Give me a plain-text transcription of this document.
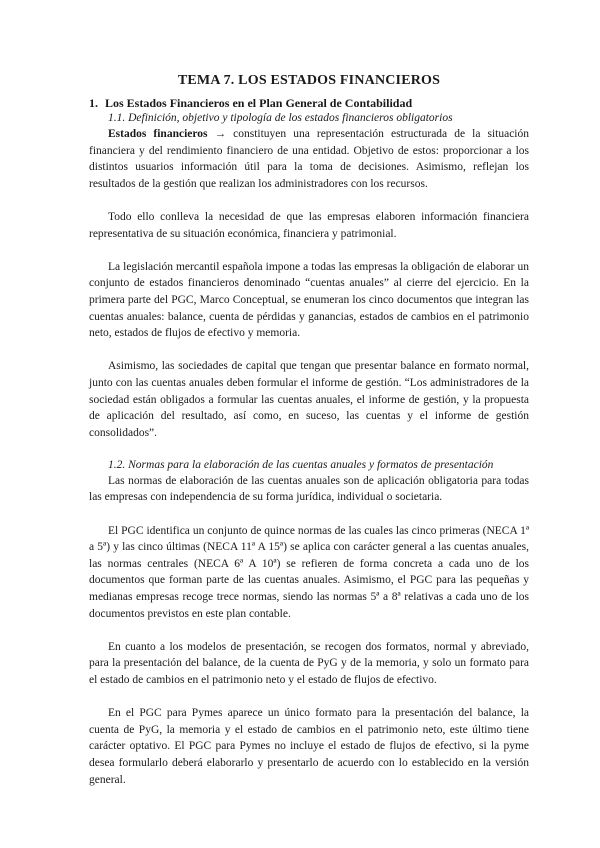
TEMA 7. LOS ESTADOS FINANCIEROS
1. Los Estados Financieros en el Plan General de Contabilidad
1.1. Definición, objetivo y tipología de los estados financieros obligatorios

Estados financieros → constituyen una representación estructurada de la situación financiera y del rendimiento financiero de una entidad. Objetivo de estos: proporcionar a los distintos usuarios información útil para la toma de decisiones. Asimismo, reflejan los resultados de la gestión que realizan los administradores con los recursos.

Todo ello conlleva la necesidad de que las empresas elaboren información financiera representativa de su situación económica, financiera y patrimonial.

La legislación mercantil española impone a todas las empresas la obligación de elaborar un conjunto de estados financieros denominado “cuentas anuales” al cierre del ejercicio. En la primera parte del PGC, Marco Conceptual, se enumeran los cinco documentos que integran las cuentas anuales: balance, cuenta de pérdidas y ganancias, estados de cambios en el patrimonio neto, estados de flujos de efectivo y memoria.

Asimismo, las sociedades de capital que tengan que presentar balance en formato normal, junto con las cuentas anuales deben formular el informe de gestión. “Los administradores de la sociedad están obligados a formular las cuentas anuales, el informe de gestión, y la propuesta de aplicación del resultado, así como, en suceso, las cuentas y el informe de gestión consolidados”.

1.2. Normas para la elaboración de las cuentas anuales y formatos de presentación

Las normas de elaboración de las cuentas anuales son de aplicación obligatoria para todas las empresas con independencia de su forma jurídica, individual o societaria.

El PGC identifica un conjunto de quince normas de las cuales las cinco primeras (NECA 1ª a 5ª) y las cinco últimas (NECA 11ª A 15ª) se aplica con carácter general a las cuentas anuales, las normas centrales (NECA 6ª A 10ª) se refieren de forma concreta a cada uno de los documentos que forman parte de las cuentas anuales. Asimismo, el PGC para las pequeñas y medianas empresas recoge trece normas, siendo las normas 5ª a 8ª relativas a cada uno de los documentos previstos en este plan contable.

En cuanto a los modelos de presentación, se recogen dos formatos, normal y abreviado, para la presentación del balance, de la cuenta de PyG y de la memoria, y solo un formato para el estado de cambios en el patrimonio neto y el estado de flujos de efectivo.

En el PGC para Pymes aparece un único formato para la presentación del balance, la cuenta de PyG, la memoria y el estado de cambios en el patrimonio neto, este último tiene carácter optativo. El PGC para Pymes no incluye el estado de flujos de efectivo, si la pyme desea formularlo deberá elaborarlo y presentarlo de acuerdo con lo establecido en la versión general.
